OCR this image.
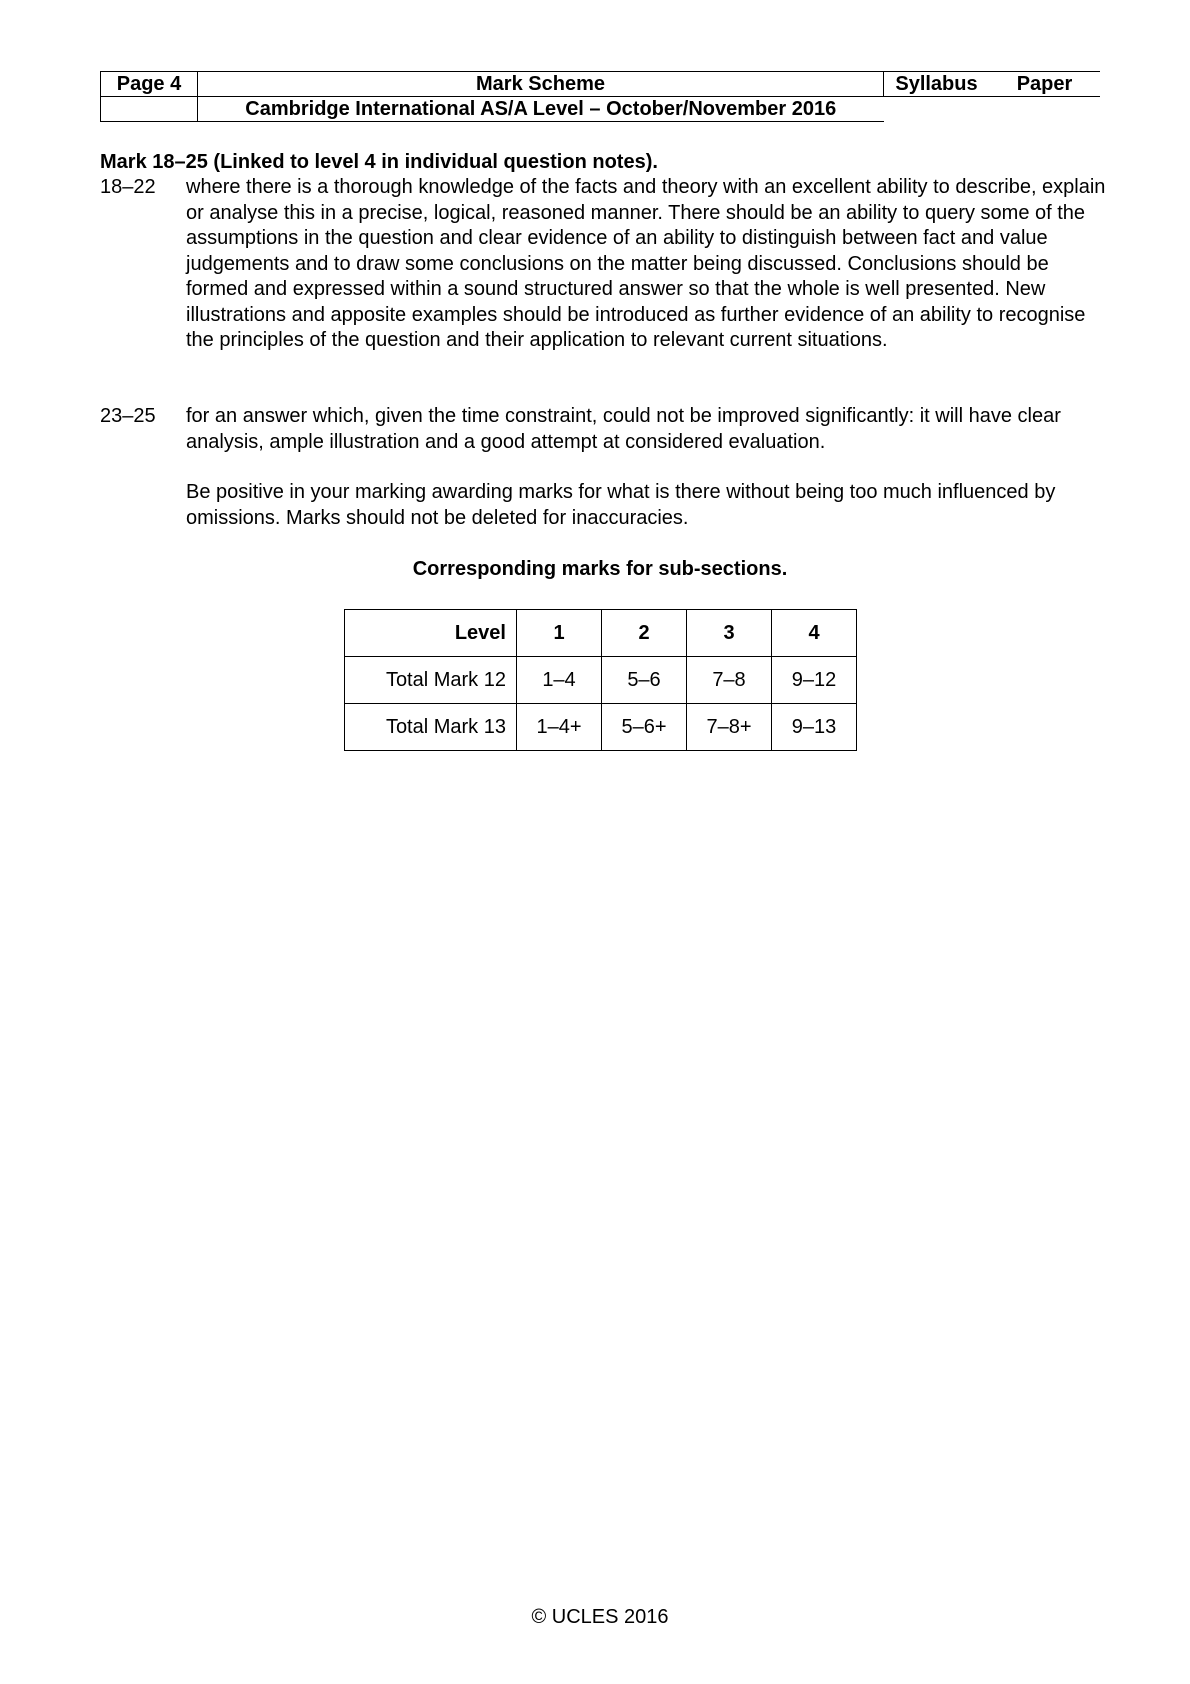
Page 4	Mark Scheme	Syllabus	Paper
	Cambridge International AS/A Level – October/November 2016		
Mark 18–25 (Linked to level 4 in individual question notes).
18–22 where there is a thorough knowledge of the facts and theory with an excellent ability to describe, explain or analyse this in a precise, logical, reasoned manner. There should be an ability to query some of the assumptions in the question and clear evidence of an ability to distinguish between fact and value judgements and to draw some conclusions on the matter being discussed. Conclusions should be formed and expressed within a sound structured answer so that the whole is well presented. New illustrations and apposite examples should be introduced as further evidence of an ability to recognise the principles of the question and their application to relevant current situations.
23–25 for an answer which, given the time constraint, could not be improved significantly: it will have clear analysis, ample illustration and a good attempt at considered evaluation.
Be positive in your marking awarding marks for what is there without being too much influenced by omissions. Marks should not be deleted for inaccuracies.
Corresponding marks for sub-sections.
Level	1	2	3	4
Total Mark 12	1–4	5–6	7–8	9–12
Total Mark 13	1–4+	5–6+	7–8+	9–13
© UCLES 2016
